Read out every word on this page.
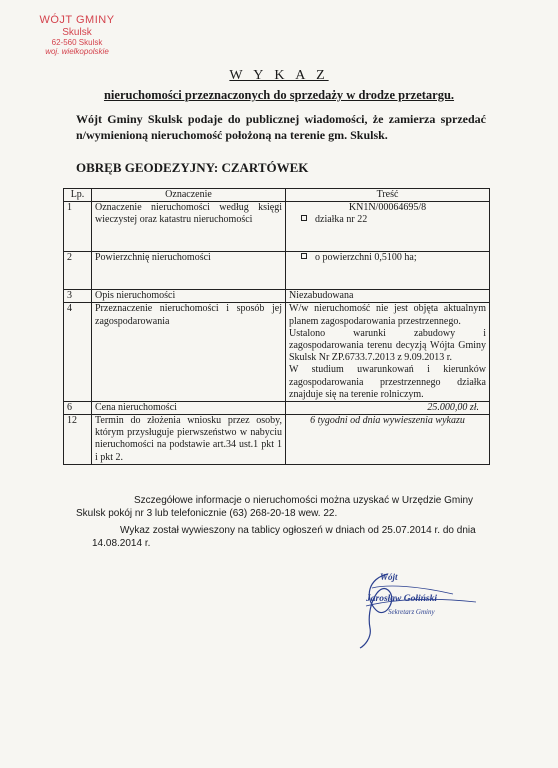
WÓJT GMINY
Skulsk
62-560 Skulsk
woj. wielkopolskie
W Y K A Z
nieruchomości przeznaczonych do sprzedaży w drodze przetargu.
Wójt Gminy Skulsk podaje do publicznej wiadomości, że zamierza sprzedać n/wymienioną nieruchomość położoną na terenie gm. Skulsk.
OBRĘB GEODEZYJNY: CZARTÓWEK
Lp.	Oznaczenie	Treść
1	Oznaczenie nieruchomości według księgi wieczystej oraz katastru nieruchomości	KN1N/00064695/8
działka nr 22

2	Powierzchnię nieruchomości	o powierzchni 0,5100 ha;

3	Opis nieruchomości	Niezabudowana
4	Przeznaczenie nieruchomości i sposób jej zagospodarowania	W/w nieruchomość nie jest objęta aktualnym planem zagospodarowania przestrzennego.
Ustalono warunki zabudowy i zagospodarowania terenu decyzją Wójta Gminy Skulsk Nr ZP.6733.7.2013 z 9.09.2013 r.
W studium uwarunkowań i kierunków zagospodarowania przestrzennego działka znajduje się na terenie rolniczym.

6	Cena nieruchomości	25.000,00 zł.
12	Termin do złożenia wniosku przez osoby, którym przysługuje pierwszeństwo w nabyciu nieruchomości na podstawie art.34 ust.1 pkt 1 i pkt 2.	6 tygodni od dnia wywieszenia wykazu
Szczegółowe informacje o nieruchomości można uzyskać w Urzędzie Gminy Skulsk pokój nr 3 lub telefonicznie (63) 268-20-18 wew. 22.
Wykaz został wywieszony na tablicy ogłoszeń w dniach od 25.07.2014 r. do dnia 14.08.2014 r.
Wójt
Jarosław Gołiński
Sekretarz Gminy
